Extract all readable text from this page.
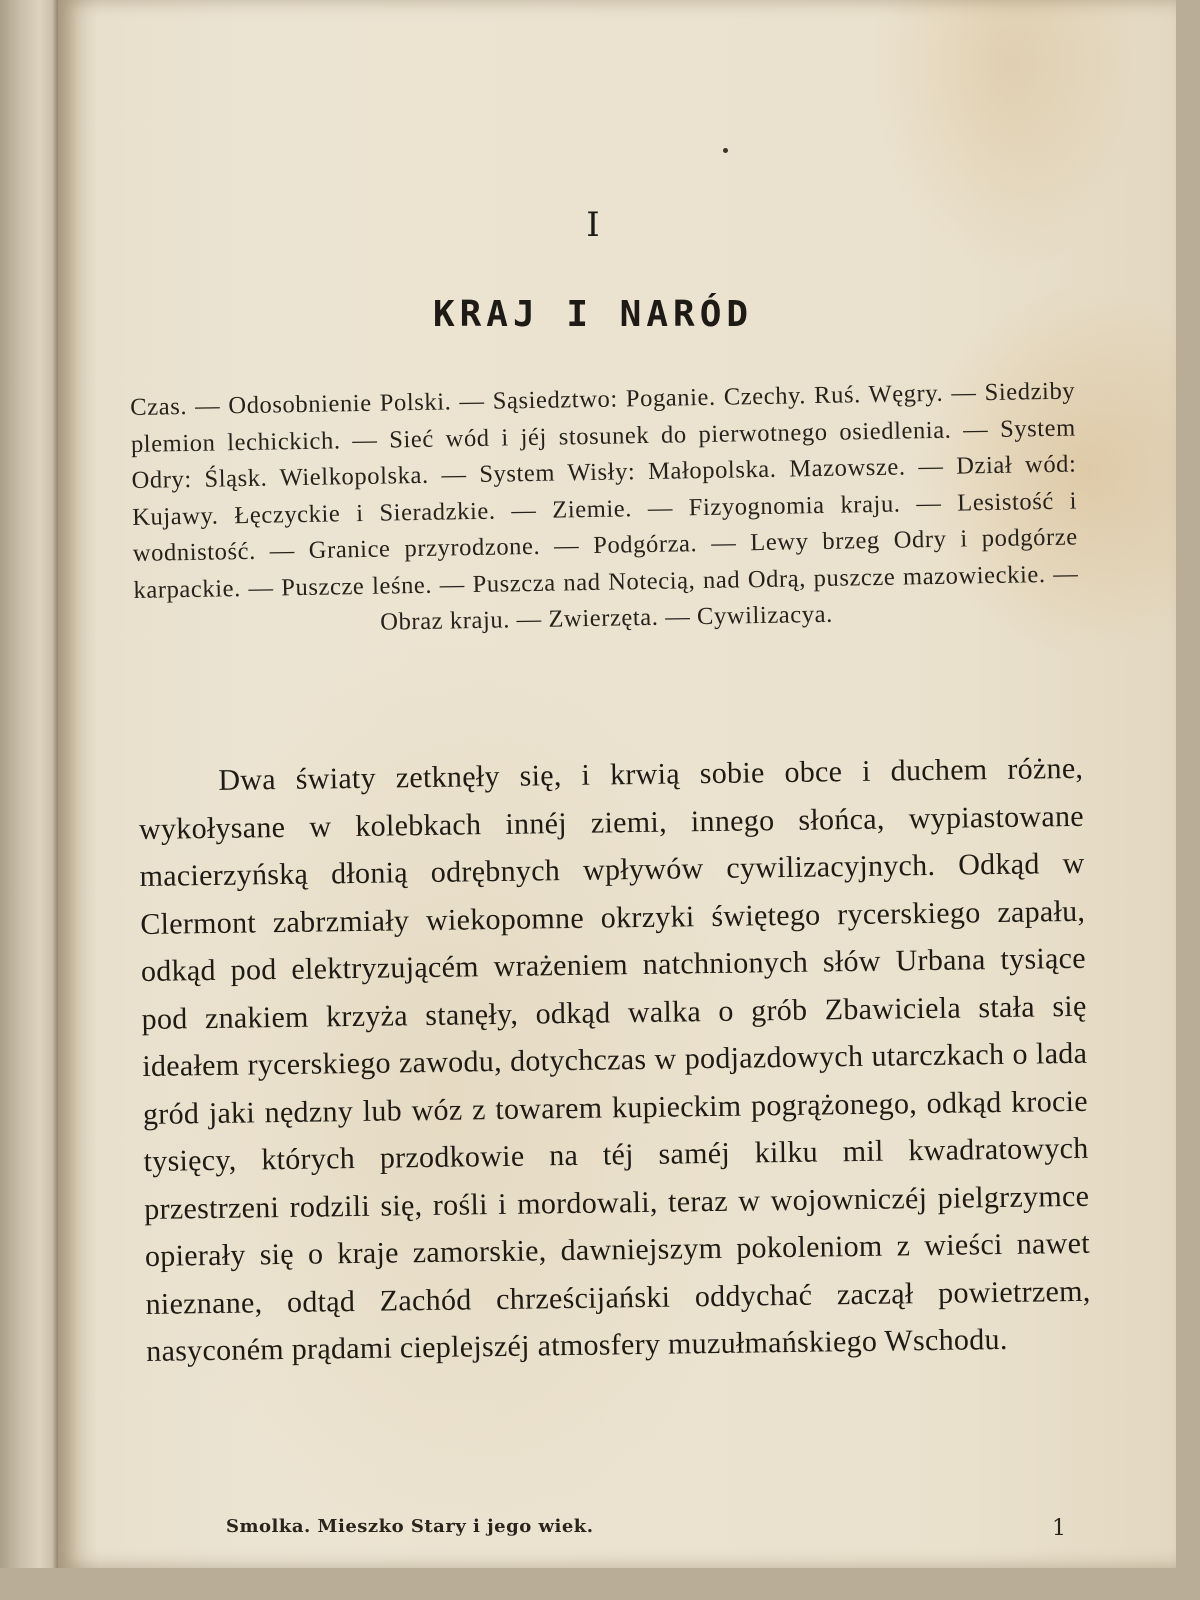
I
KRAJ I NARÓD
Czas. — Odosobnienie Polski. — Sąsiedztwo: Poganie. Czechy. Ruś. Węgry. — Siedziby plemion lechickich. — Sieć wód i jéj stosunek do pierwotnego osiedlenia. — System Odry: Śląsk. Wielkopolska. — System Wisły: Małopolska. Mazowsze. — Dział wód: Kujawy. Łęczyckie i Sieradzkie. — Ziemie. — Fizyognomia kraju. — Lesistość i wodnistość. — Granice przyrodzone. — Podgórza. — Lewy brzeg Odry i podgórze karpackie. — Puszcze leśne. — Puszcza nad Notecią, nad Odrą, puszcze mazowieckie. — Obraz kraju. — Zwierzęta. — Cywilizacya.
Dwa światy zetknęły się, i krwią sobie obce i duchem różne, wykołysane w kolebkach innéj ziemi, innego słońca, wypiastowane macierzyńską dłonią odrębnych wpływów cywilizacyjnych. Odkąd w Clermont zabrzmiały wiekopomne okrzyki świętego rycerskiego zapału, odkąd pod elektryzującém wrażeniem natchnionych słów Urbana tysiące pod znakiem krzyża stanęły, odkąd walka o grób Zbawiciela stała się ideałem rycerskiego zawodu, dotychczas w podjazdowych utarczkach o lada gród jaki nędzny lub wóz z towarem kupieckim pogrążonego, odkąd krocie tysięcy, których przodkowie na téj saméj kilku mil kwadratowych przestrzeni rodzili się, rośli i mordowali, teraz w wojowniczéj pielgrzymce opierały się o kraje zamorskie, dawniejszym pokoleniom z wieści nawet nieznane, odtąd Zachód chrześcijański oddychać zaczął powietrzem, nasyconém prądami cieplejszéj atmosfery muzułmańskiego Wschodu.
Smolka. Mieszko Stary i jego wiek.	1
